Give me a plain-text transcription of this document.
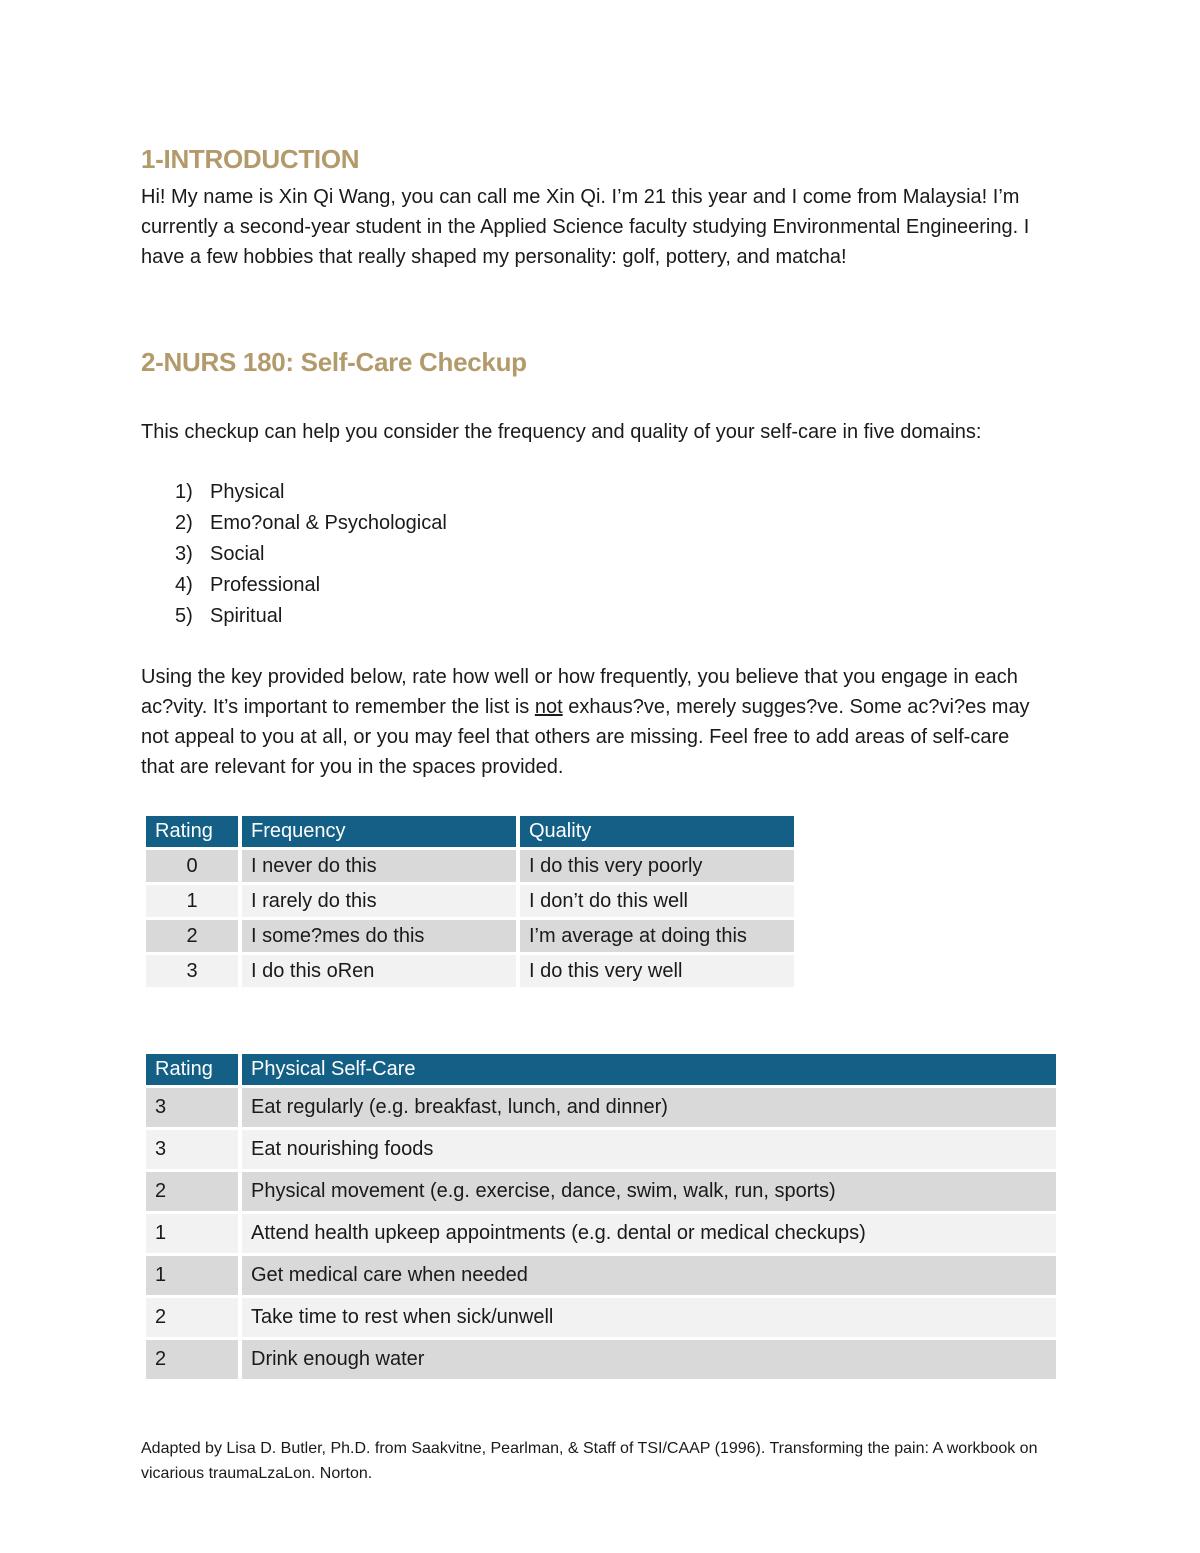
1-INTRODUCTION

Hi! My name is Xin Qi Wang, you can call me Xin Qi. I’m 21 this year and I come from Malaysia! I’m currently a second-year student in the Applied Science faculty studying Environmental Engineering. I have a few hobbies that really shaped my personality: golf, pottery, and matcha!

2-NURS 180: Self-Care Checkup

This checkup can help you consider the frequency and quality of your self-care in five domains:

1) Physical
2) Emo?onal & Psychological
3) Social
4) Professional
5) Spiritual

Using the key provided below, rate how well or how frequently, you believe that you engage in each ac?vity. It’s important to remember the list is not exhaus?ve, merely sugges?ve. Some ac?vi?es may not appeal to you at all, or you may feel that others are missing. Feel free to add areas of self-care that are relevant for you in the spaces provided.

Rating	Frequency	Quality
0	I never do this	I do this very poorly
1	I rarely do this	I don’t do this well
2	I some?mes do this	I’m average at doing this
3	I do this oRen	I do this very well
Rating	Physical Self-Care
3	Eat regularly (e.g. breakfast, lunch, and dinner)
3	Eat nourishing foods
2	Physical movement (e.g. exercise, dance, swim, walk, run, sports)
1	Attend health upkeep appointments (e.g. dental or medical checkups)
1	Get medical care when needed
2	Take time to rest when sick/unwell
2	Drink enough water

Adapted by Lisa D. Butler, Ph.D. from Saakvitne, Pearlman, & Staff of TSI/CAAP (1996). Transforming the pain: A workbook on vicarious traumaLzaLon. Norton.
